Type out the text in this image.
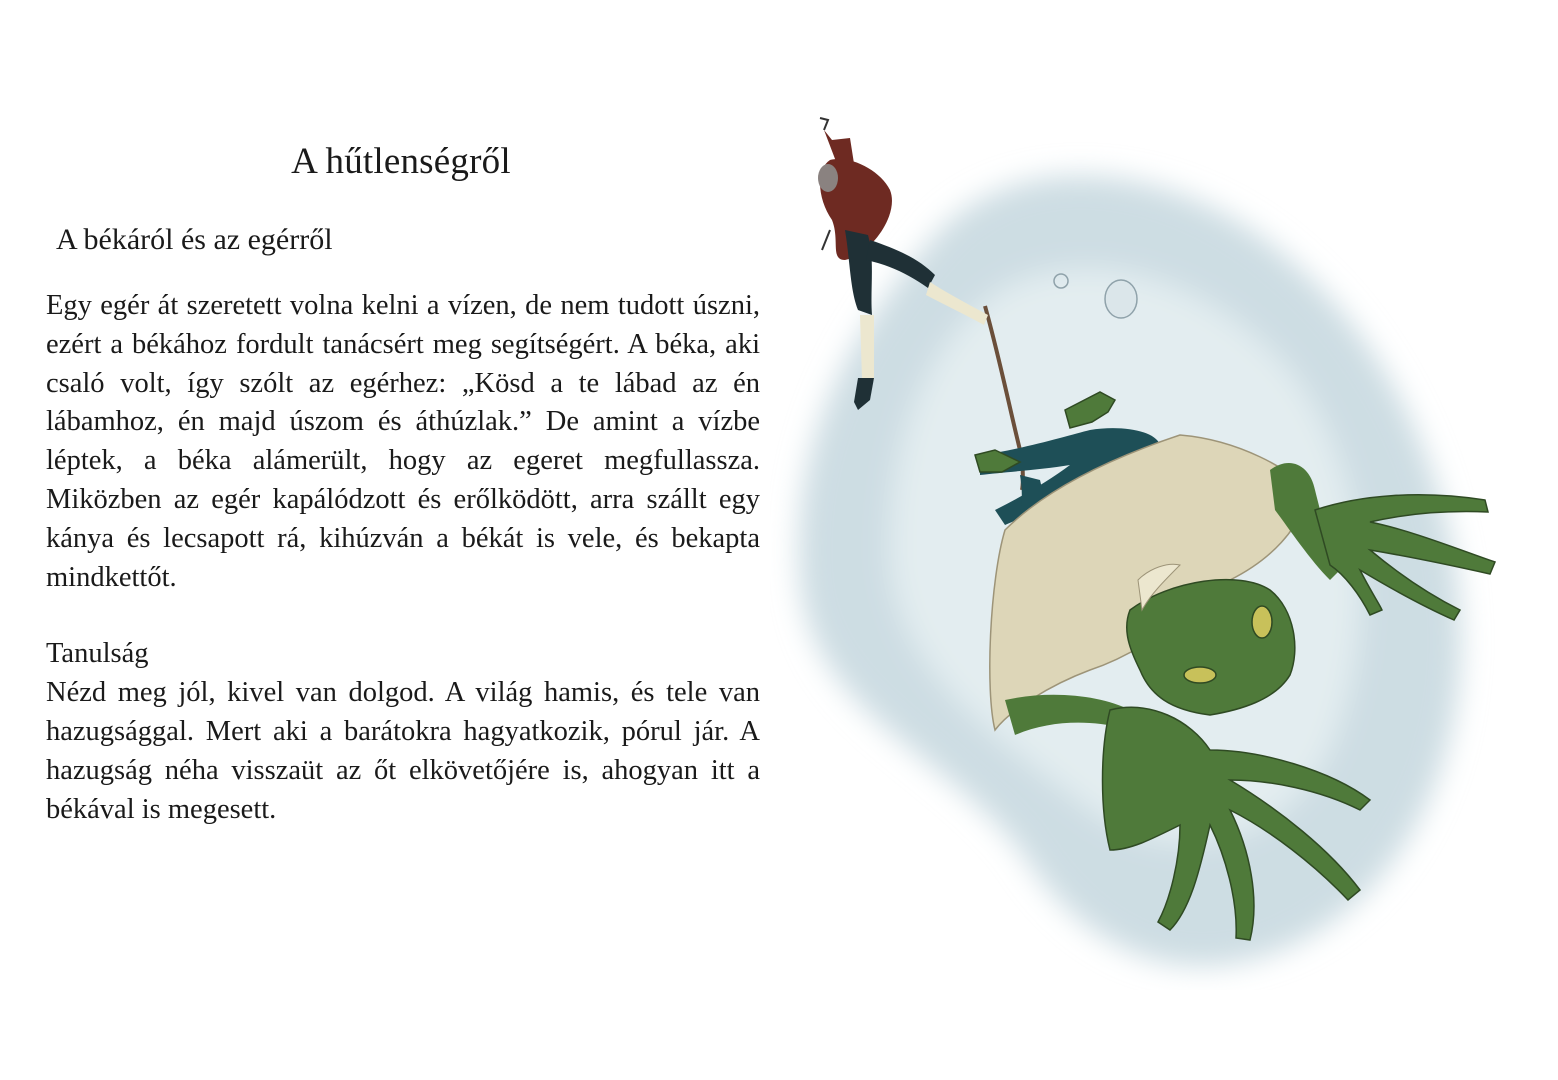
A hűtlenségről
A békáról és az egérről

Egy egér át szeretett volna kelni a vízen, de nem tudott úszni, ezért a békához fordult tanácsért meg segítségért. A béka, aki csaló volt, így szólt az egérhez: „Kösd a te lábad az én lábamhoz, én majd úszom és áthúzlak.” De amint a vízbe léptek, a béka alámerült, hogy az egeret megfullassza. Miközben az egér kapálódzott és erőlködött, arra szállt egy kánya és lecsapott rá, kihúzván a békát is vele, és bekapta mindkettőt.

Tanulság

Nézd meg jól, kivel van dolgod. A világ hamis, és tele van hazugsággal. Mert aki a barátokra hagyatkozik, pórul jár. A hazugság néha visszaüt az őt elkövetőjére is, ahogyan itt a békával is megesett.
